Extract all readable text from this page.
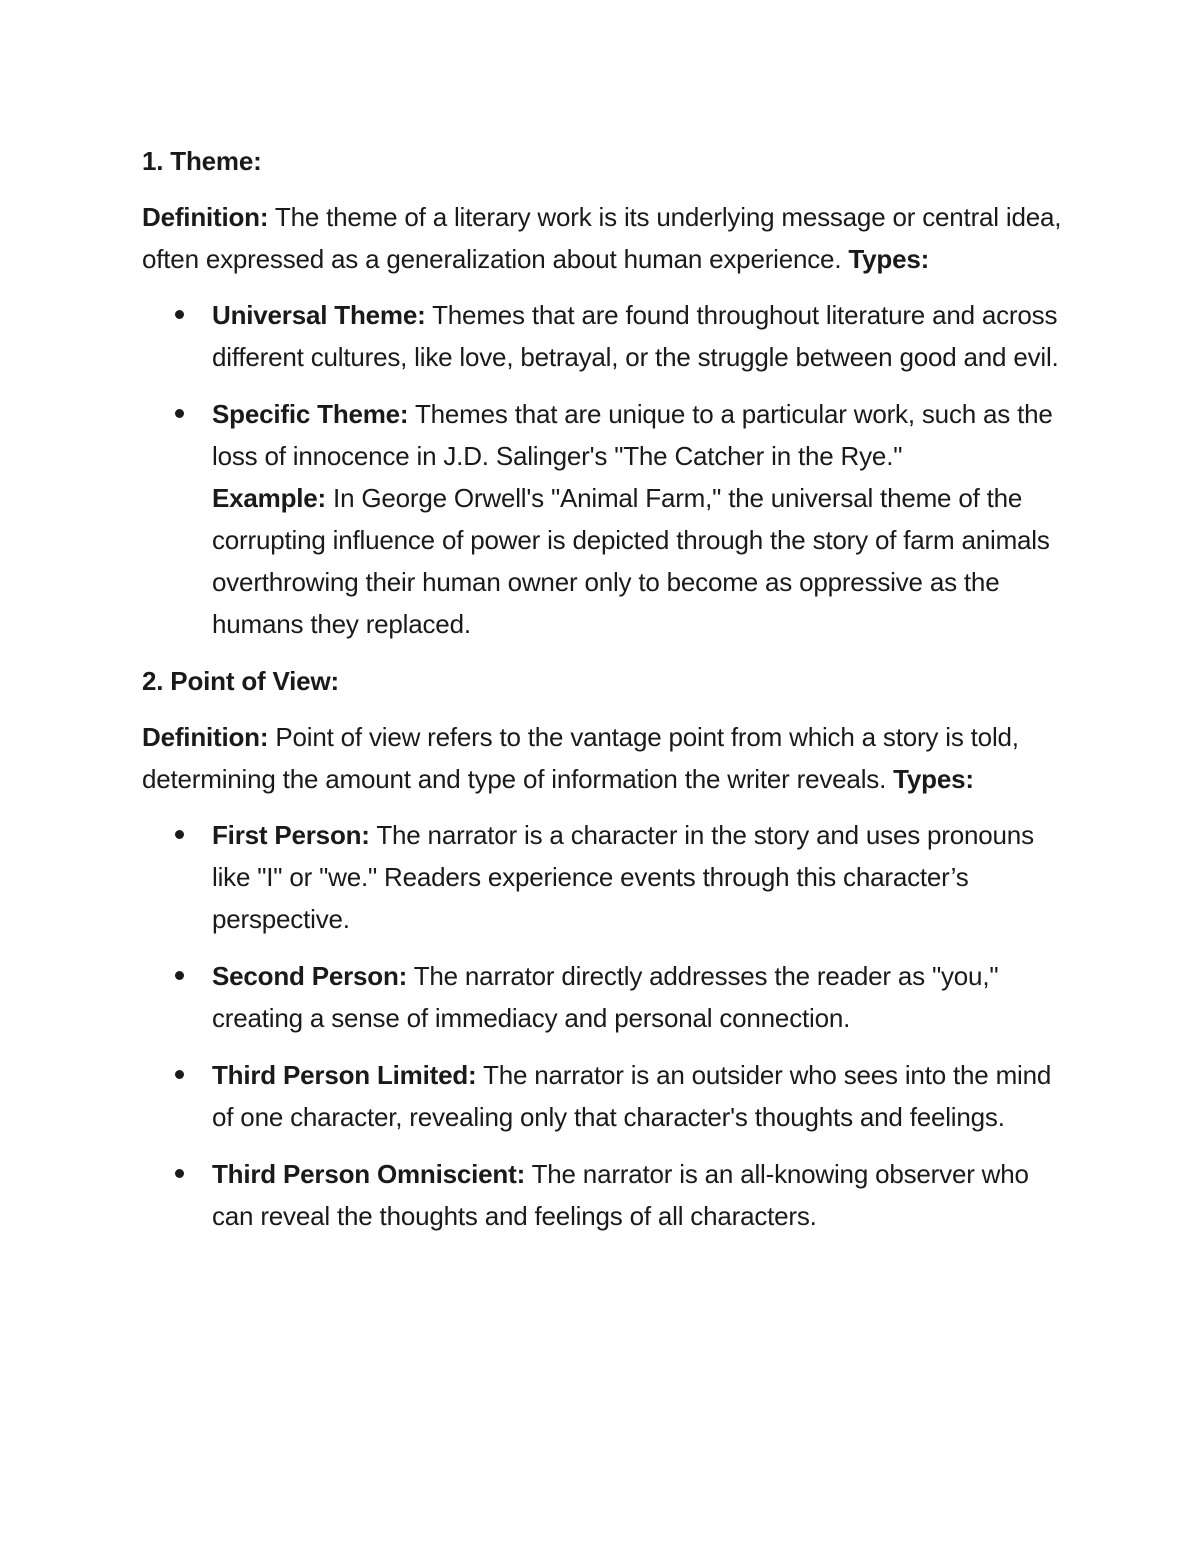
1. Theme:
Definition: The theme of a literary work is its underlying message or central idea, often expressed as a generalization about human experience. Types:
Universal Theme: Themes that are found throughout literature and across different cultures, like love, betrayal, or the struggle between good and evil.
Specific Theme: Themes that are unique to a particular work, such as the loss of innocence in J.D. Salinger's "The Catcher in the Rye."
Example: In George Orwell's "Animal Farm," the universal theme of the corrupting influence of power is depicted through the story of farm animals overthrowing their human owner only to become as oppressive as the humans they replaced.
2. Point of View:
Definition: Point of view refers to the vantage point from which a story is told, determining the amount and type of information the writer reveals. Types:
First Person: The narrator is a character in the story and uses pronouns like "I" or "we." Readers experience events through this character’s perspective.
Second Person: The narrator directly addresses the reader as "you," creating a sense of immediacy and personal connection.
Third Person Limited: The narrator is an outsider who sees into the mind of one character, revealing only that character's thoughts and feelings.
Third Person Omniscient: The narrator is an all-knowing observer who can reveal the thoughts and feelings of all characters.
